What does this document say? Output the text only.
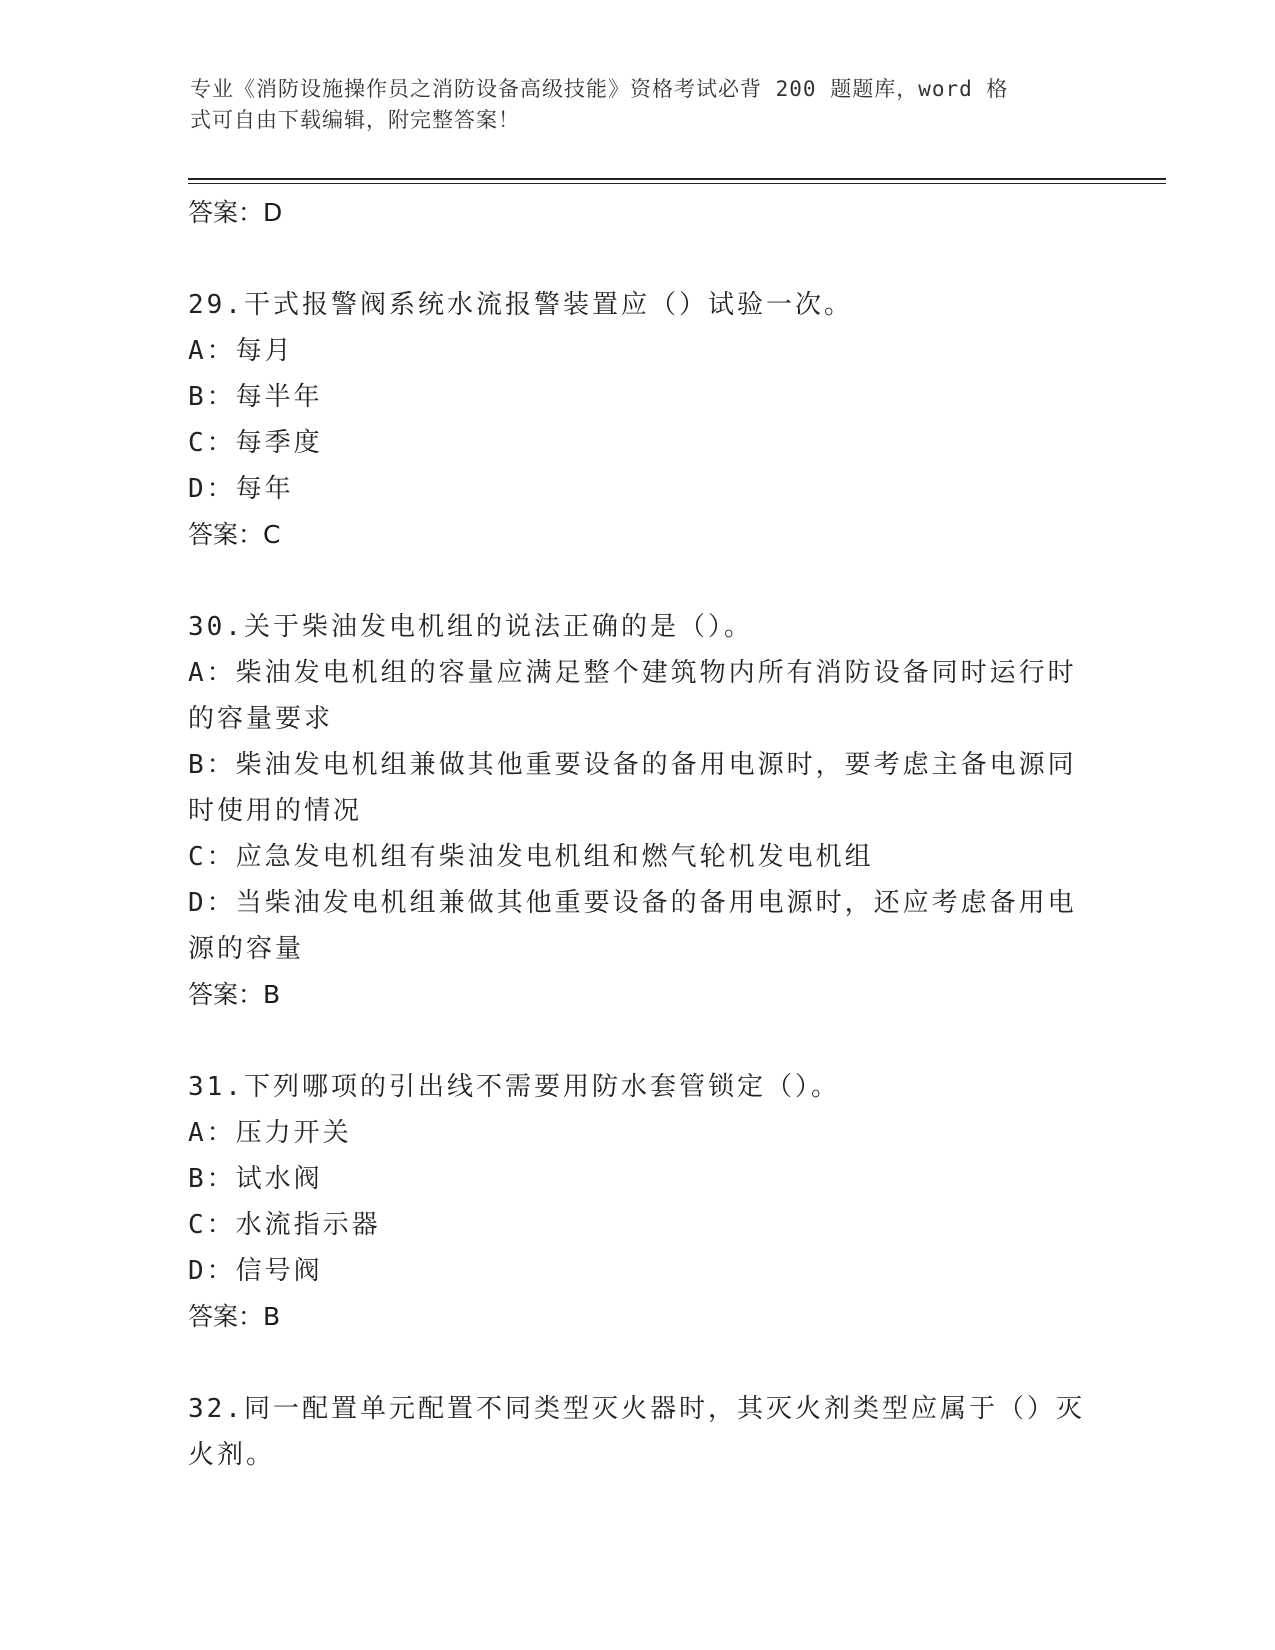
专业《消防设施操作员之消防设备高级技能》资格考试必背 200 题题库，word 格
式可自由下载编辑，附完整答案！
答案：D
29.干式报警阀系统水流报警装置应（）试验一次。
A：每月
B：每半年
C：每季度
D：每年
答案：C
30.关于柴油发电机组的说法正确的是（）。
A：柴油发电机组的容量应满足整个建筑物内所有消防设备同时运行时
的容量要求
B：柴油发电机组兼做其他重要设备的备用电源时，要考虑主备电源同
时使用的情况
C：应急发电机组有柴油发电机组和燃气轮机发电机组
D：当柴油发电机组兼做其他重要设备的备用电源时，还应考虑备用电
源的容量
答案：B
31.下列哪项的引出线不需要用防水套管锁定（）。
A：压力开关
B：试水阀
C：水流指示器
D：信号阀
答案：B
32.同一配置单元配置不同类型灭火器时，其灭火剂类型应属于（）灭
火剂。
